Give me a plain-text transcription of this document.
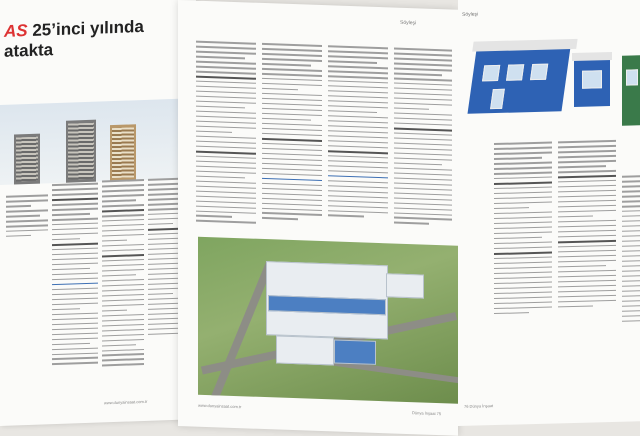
AS 25’inci yılında
atakta
www.dunyainsaat.com.tr
Söyleşi
www.dunyainsaat.com.tr
Dünya İnşaat 75
Söyleşi
76 Dünya İnşaat
